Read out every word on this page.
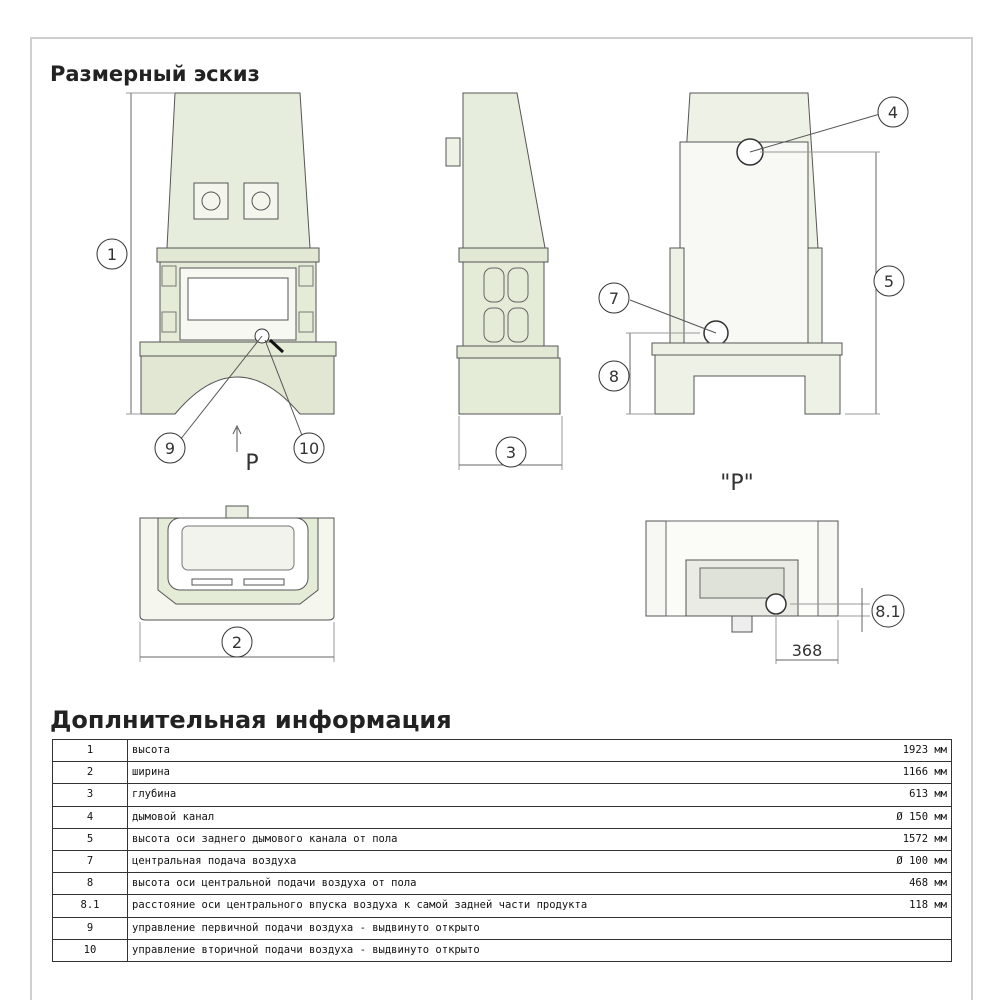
Размерный эскиз
1
2
3
4
5
7
8
8.1
9	10
P
"P"
368
Доплнительная информация
1	высота	1923 мм
2	ширина	1166 мм
3	глубина	613 мм
4	дымовой канал	Ø 150 мм
5	высота оси заднего дымового канала от пола	1572 мм
7	центральная подача воздуха	Ø 100 мм
8	высота оси центральной подачи воздуха от пола	468 мм
8.1	расстояние оси центрального впуска воздуха к самой задней части продукта	118 мм
9	управление первичной подачи воздуха - выдвинуто открыто	
10	управление вторичной подачи воздуха - выдвинуто открыто	
